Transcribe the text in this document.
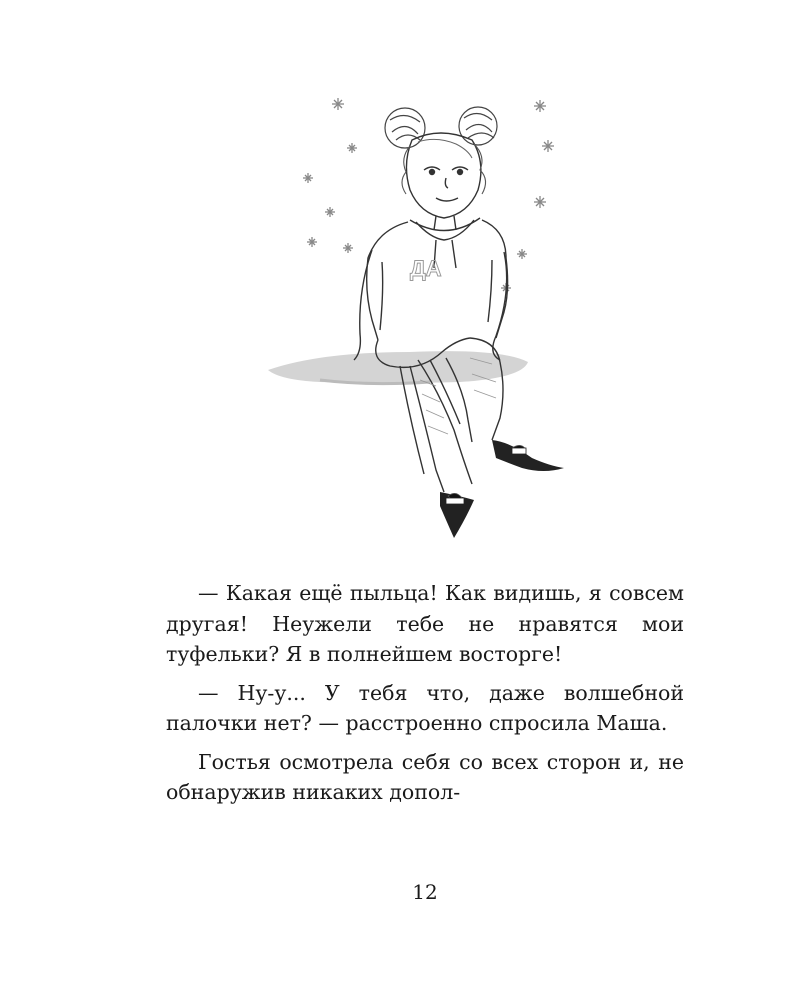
ДА

— Какая ещё пыльца! Как видишь, я совсем другая! Неужели тебе не нравятся мои туфельки? Я в полнейшем восторге!

— Ну-у... У тебя что, даже волшебной палочки нет? — расстроенно спросила Маша.

Гостья осмотрела себя со всех сторон и, не обнаружив никаких допол-

12
